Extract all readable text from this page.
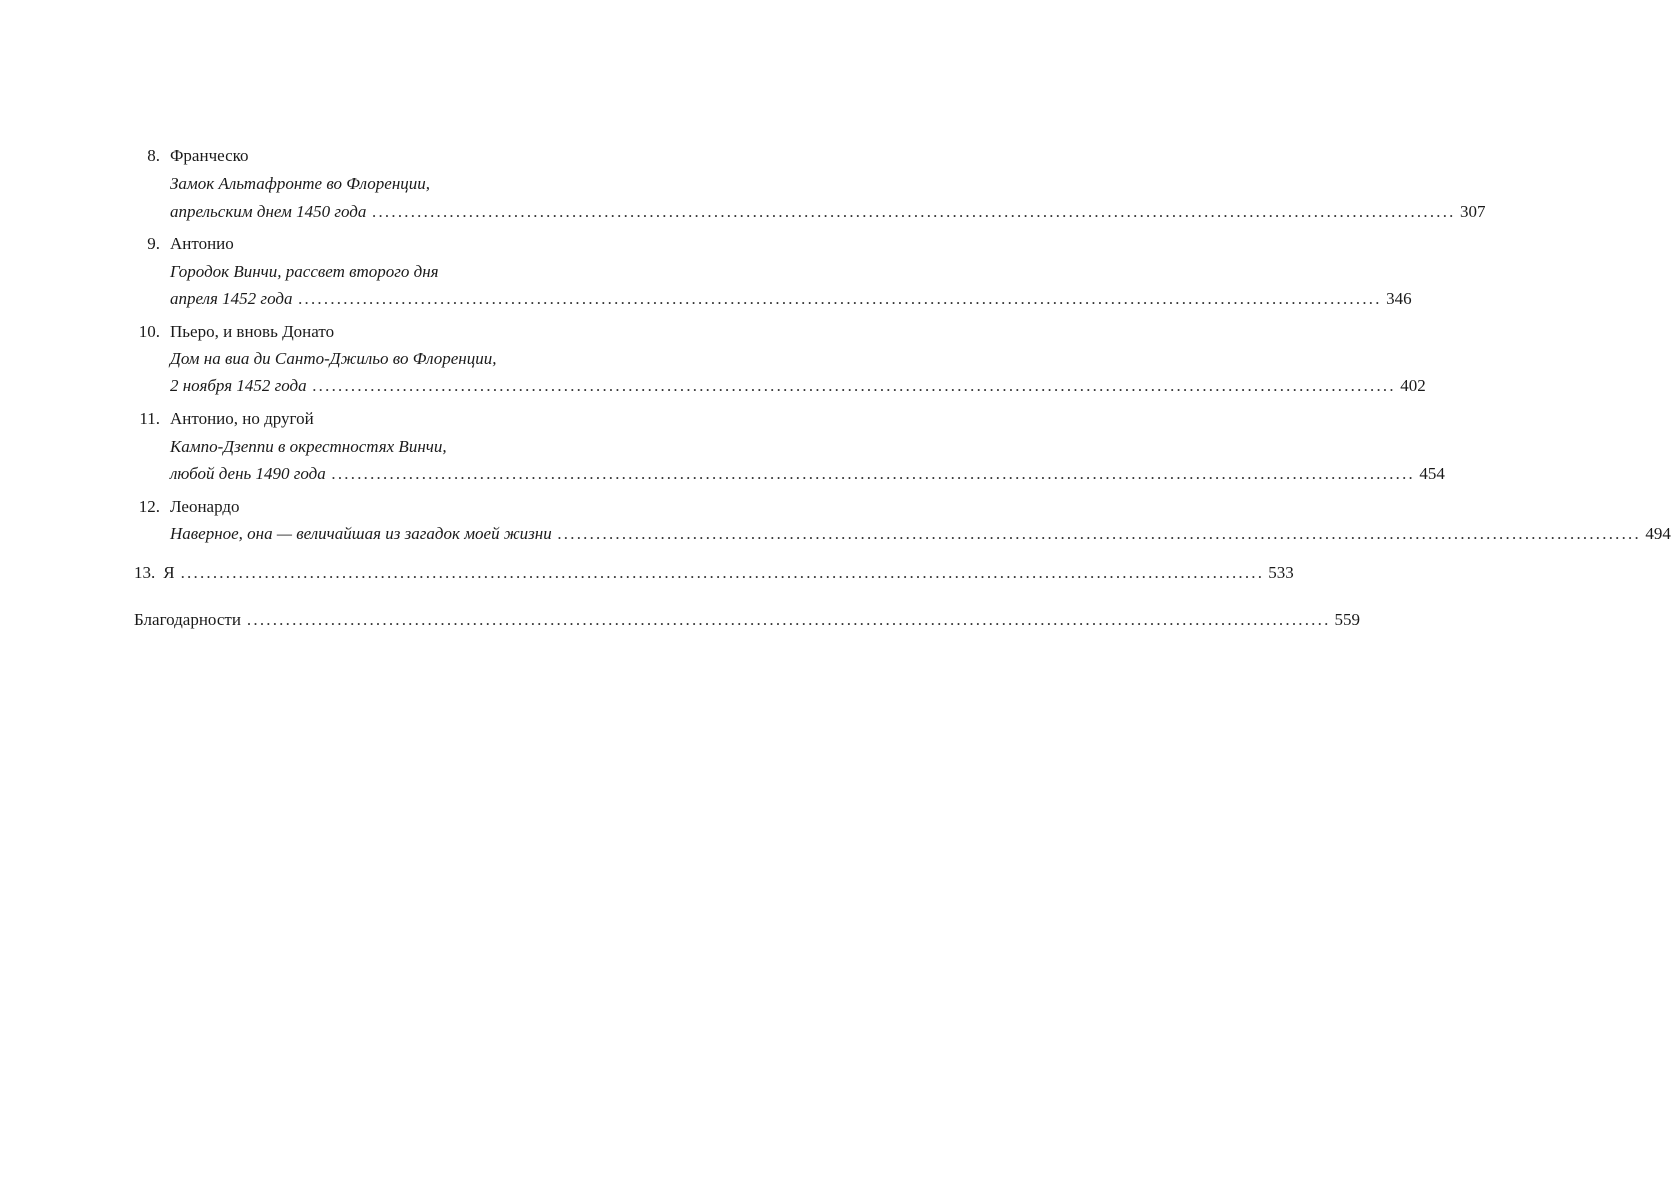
8. Франческо
Замок Альтафронте во Флоренции,
апрельским днем 1450 года ........................................................................................................................................................................ 307
9. Антонио
Городок Винчи, рассвет второго дня
апреля 1452 года ........................................................................................................................................................................ 346
10. Пьеро, и вновь Донато
Дом на виа ди Санто-Джильо во Флоренции,
2 ноября 1452 года ........................................................................................................................................................................ 402
11. Антонио, но другой
Кампо-Дзеппи в окрестностях Винчи,
любой день 1490 года ........................................................................................................................................................................ 454
12. Леонардо
Наверное, она — величайшая из загадок моей жизни ........................................................................................................................................................................ 494
13. Я ........................................................................................................................................................................ 533
Благодарности ........................................................................................................................................................................ 559
